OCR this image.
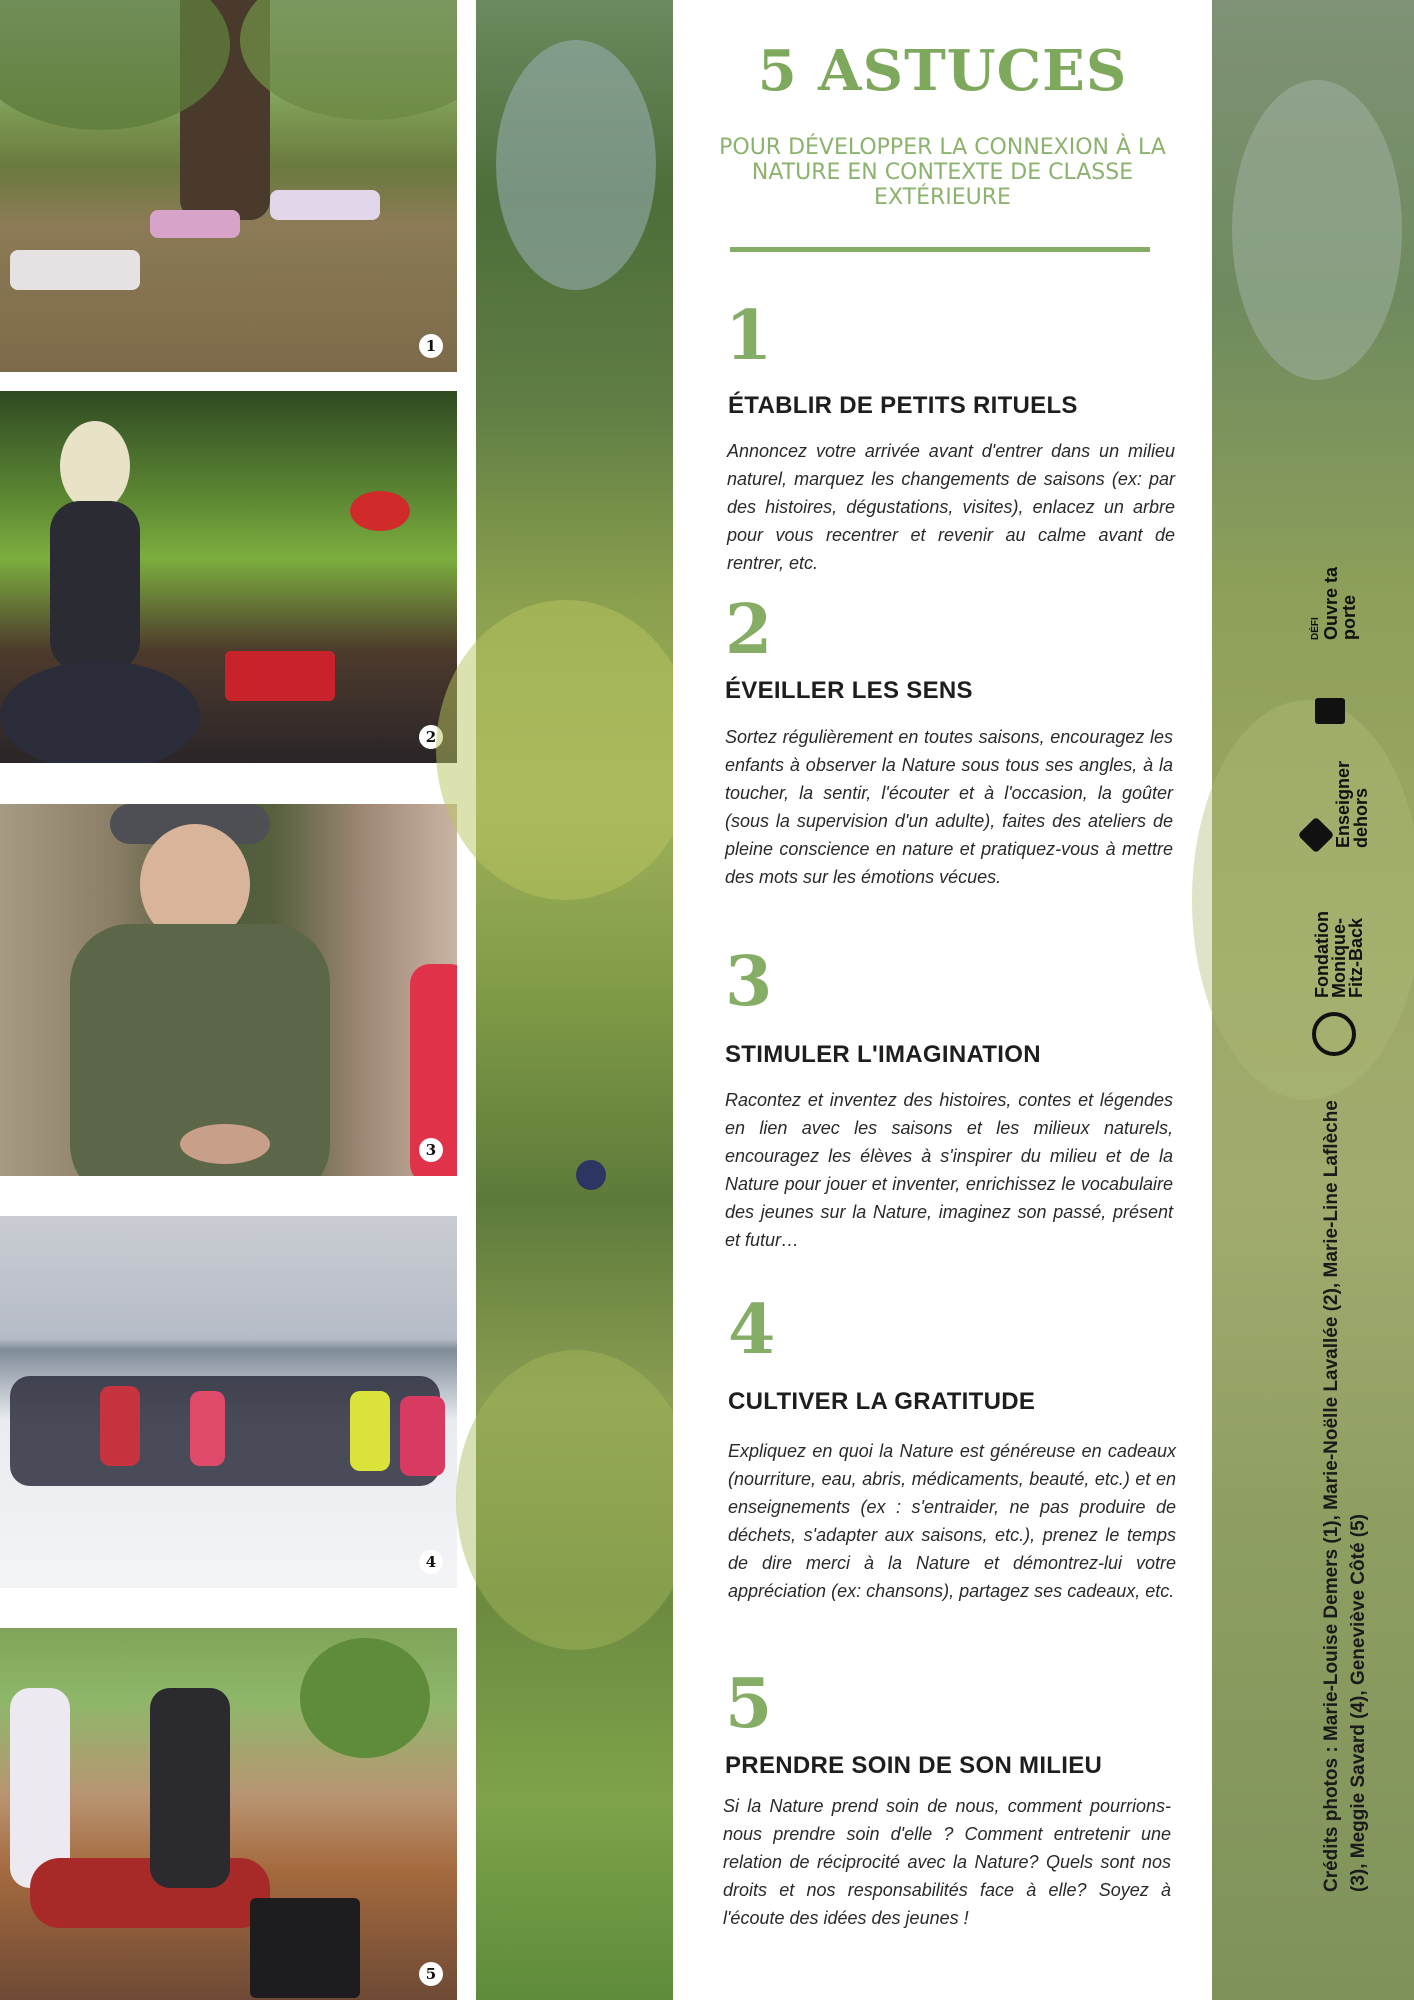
1
2
3
4
5
5 ASTUCES
POUR DÉVELOPPER LA CONNEXION À LA NATURE EN CONTEXTE DE CLASSE EXTÉRIEURE
1
ÉTABLIR DE PETITS RITUELS
Annoncez votre arrivée avant d'entrer dans un milieu naturel, marquez les changements de saisons (ex: par des histoires, dégustations, visites), enlacez un arbre pour vous recentrer et revenir au calme avant de rentrer, etc.
2
ÉVEILLER LES SENS
Sortez régulièrement en toutes saisons, encouragez les enfants à observer la Nature sous tous ses angles, à la toucher, la sentir, l'écouter et à l'occasion, la goûter (sous la supervision d'un adulte), faites des ateliers de pleine conscience en nature et pratiquez-vous à mettre des mots sur les émotions vécues.
3
STIMULER L'IMAGINATION
Racontez et inventez des histoires, contes et légendes en lien avec les saisons et les milieux naturels, encouragez les élèves à s'inspirer du milieu et de la Nature pour jouer et inventer, enrichissez le vocabulaire des jeunes sur la Nature, imaginez son passé, présent et futur…
4
CULTIVER LA GRATITUDE
Expliquez en quoi la Nature est généreuse en cadeaux (nourriture, eau, abris, médicaments, beauté, etc.) et en enseignements (ex : s'entraider, ne pas produire de déchets, s'adapter aux saisons, etc.), prenez le temps de dire merci à la Nature et démontrez-lui votre appréciation (ex: chansons), partagez ses cadeaux, etc.
5
PRENDRE SOIN DE SON MILIEU
Si la Nature prend soin de nous, comment pourrions-nous prendre soin d'elle ? Comment entretenir une relation de réciprocité avec la Nature? Quels sont nos droits et nos responsabilités face à elle? Soyez à l'écoute des idées des jeunes !
DÉFI Ouvre ta porte
Enseigner dehors
Fondation Monique-Fitz-Back
Crédits photos : Marie-Louise Demers (1), Marie-Noëlle Lavallée (2), Marie-Line Laflèche (3), Meggie Savard (4), Geneviève Côté (5)
